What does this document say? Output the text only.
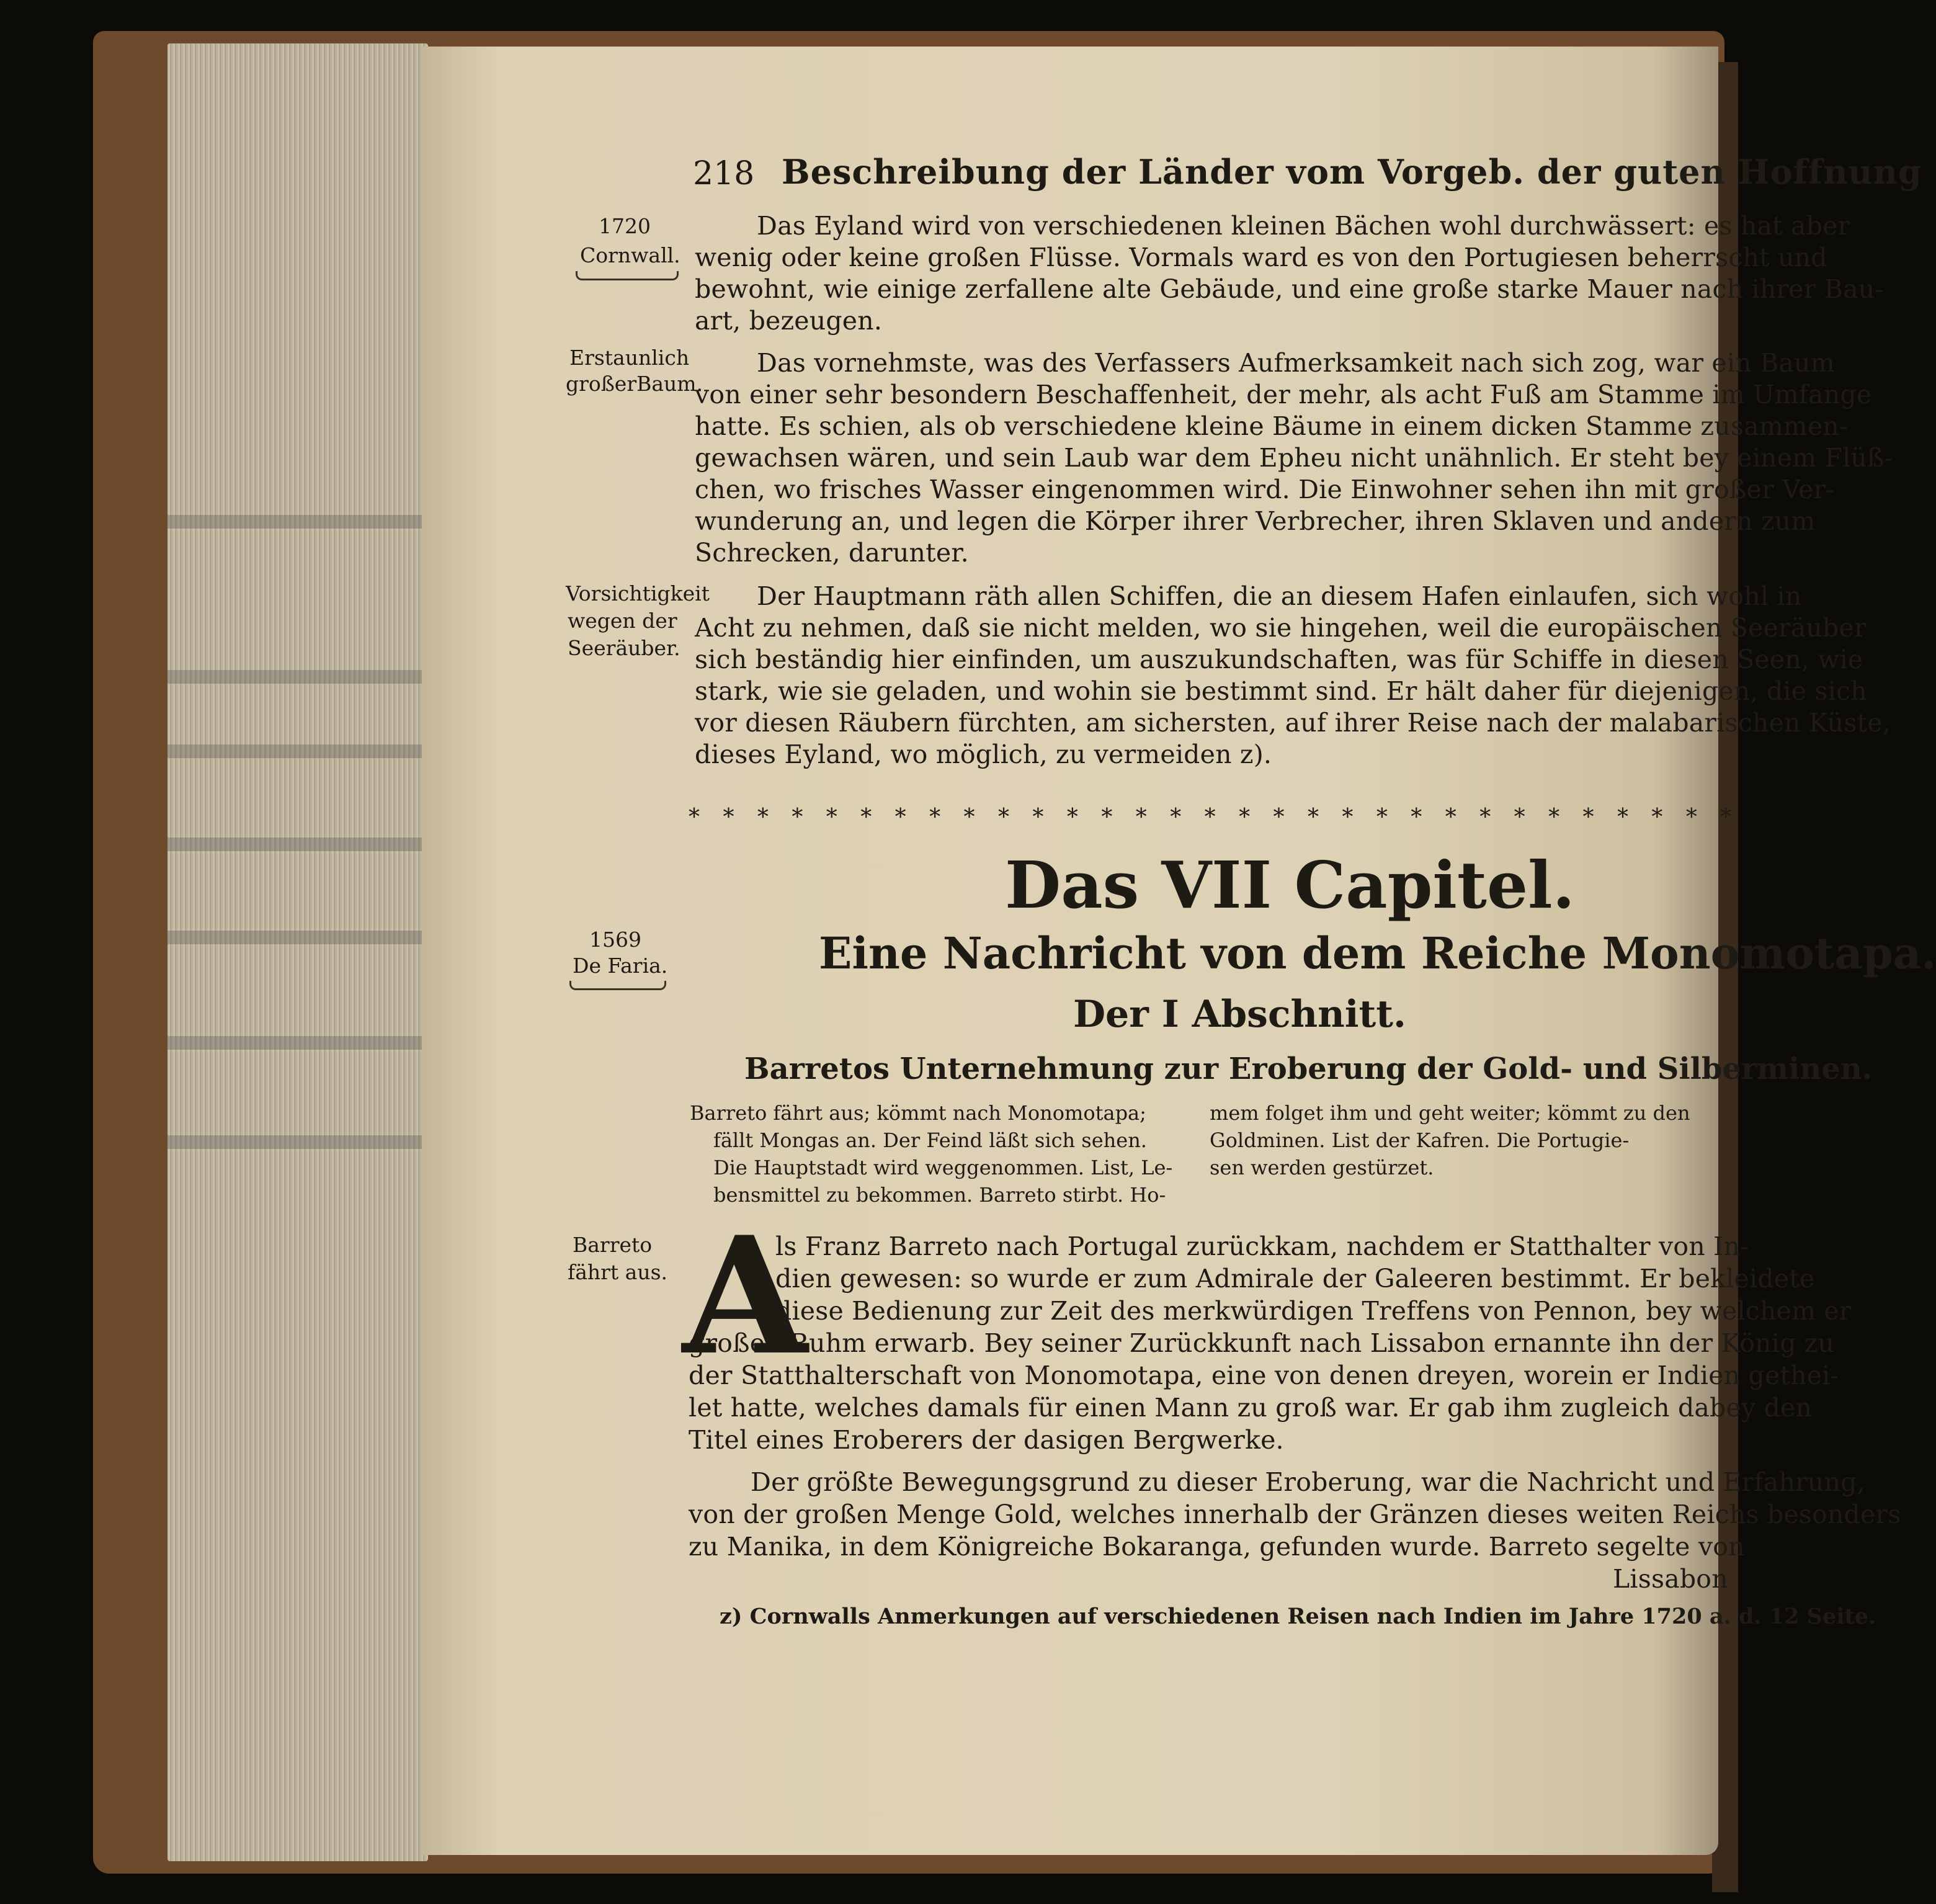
218 Beschreibung der Länder vom Vorgeb. der guten Hoffnung
1720
Cornwall.
Erstaunlich
großerBaum.
Vorsichtigkeit
wegen der
Seeräuber.
1569
De Faria.
Barreto
fährt aus.
Das Eyland wird von verschiedenen kleinen Bächen wohl durchwässert: es hat aber
wenig oder keine großen Flüsse. Vormals ward es von den Portugiesen beherrscht und
bewohnt, wie einige zerfallene alte Gebäude, und eine große starke Mauer nach ihrer Bau-
art, bezeugen.
Das vornehmste, was des Verfassers Aufmerksamkeit nach sich zog, war ein Baum
von einer sehr besondern Beschaffenheit, der mehr, als acht Fuß am Stamme im Umfange
hatte. Es schien, als ob verschiedene kleine Bäume in einem dicken Stamme zusammen-
gewachsen wären, und sein Laub war dem Epheu nicht unähnlich. Er steht bey einem Flüß-
chen, wo frisches Wasser eingenommen wird. Die Einwohner sehen ihn mit großer Ver-
wunderung an, und legen die Körper ihrer Verbrecher, ihren Sklaven und andern zum
Schrecken, darunter.
Der Hauptmann räth allen Schiffen, die an diesem Hafen einlaufen, sich wohl in
Acht zu nehmen, daß sie nicht melden, wo sie hingehen, weil die europäischen Seeräuber
sich beständig hier einfinden, um auszukundschaften, was für Schiffe in diesen Seen, wie
stark, wie sie geladen, und wohin sie bestimmt sind. Er hält daher für diejenigen, die sich
vor diesen Räubern fürchten, am sichersten, auf ihrer Reise nach der malabarischen Küste,
dieses Eyland, wo möglich, zu vermeiden z).
* * * * * * * * * * * * * * * * * * * * * * * * * * * * * * *
Das VII Capitel.
Eine Nachricht von dem Reiche Monomotapa.
Der I Abschnitt.
Barretos Unternehmung zur Eroberung der Gold- und Silberminen.
Barreto fährt aus; kömmt nach Monomotapa;
fällt Mongas an. Der Feind läßt sich sehen.
Die Hauptstadt wird weggenommen. List, Le-
bensmittel zu bekommen. Barreto stirbt. Ho-
mem folget ihm und geht weiter; kömmt zu den
Goldminen. List der Kafren. Die Portugie-
sen werden gestürzet.
A
ls Franz Barreto nach Portugal zurückkam, nachdem er Statthalter von In-
dien gewesen: so wurde er zum Admirale der Galeeren bestimmt. Er bekleidete
diese Bedienung zur Zeit des merkwürdigen Treffens von Pennon, bey welchem er
großen Ruhm erwarb. Bey seiner Zurückkunft nach Lissabon ernannte ihn der König zu
der Statthalterschaft von Monomotapa, eine von denen dreyen, worein er Indien gethei-
let hatte, welches damals für einen Mann zu groß war. Er gab ihm zugleich dabey den
Titel eines Eroberers der dasigen Bergwerke.
Der größte Bewegungsgrund zu dieser Eroberung, war die Nachricht und Erfahrung,
von der großen Menge Gold, welches innerhalb der Gränzen dieses weiten Reichs besonders
zu Manika, in dem Königreiche Bokaranga, gefunden wurde. Barreto segelte von
Lissabon
z) Cornwalls Anmerkungen auf verschiedenen Reisen nach Indien im Jahre 1720 a. d. 12 Seite.
